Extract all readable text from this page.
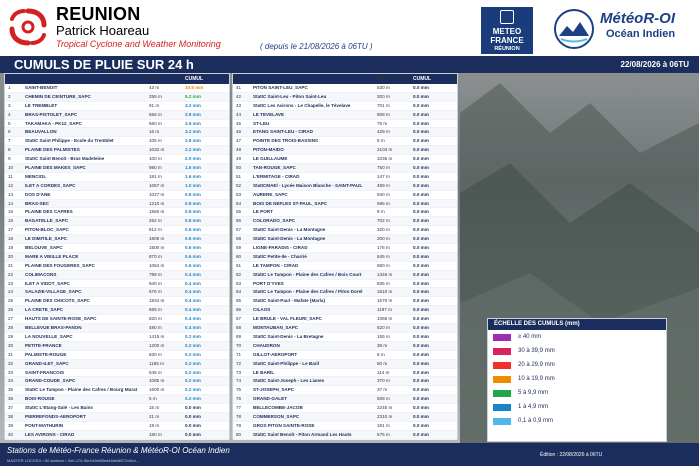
REUNION
Patrick Hoareau
Tropical Cyclone and Weather Monitoring	( depuis le 21/08/2026 à 06TU )
METEO
FRANCE
RÉUNION
MétéoR-OI
Océan Indien
CUMULS DE PLUIE SUR 24 h	22/08/2026 à 06TU
N°	STATION	ALT.	CUMUL
1	SAINT-BENOIT	43 m	10.8 mm
2	CHEMIN DE CEINTURE_SAPC	255 m	5.2 mm
3	LE TREMBLET	91 m	4.2 mm
4	BRAS-PISTOLET_SAPC	556 m	3.8 mm
5	TAKAMAKA - PK12_SAPC	660 m	3.6 mm
6	BEAUVALLON	16 m	3.2 mm
7	StatIC Saint Philippe - Ecole du Tremblet	105 m	2.8 mm
8	PLAINE DES PALMISTES	1032 m	2.2 mm
9	StatIC Saint Benoit - Bras Madeleine	100 m	2.0 mm
10	PLAINE DES MAKES_SAPC	980 m	1.6 mm
11	MENCIOL	181 m	1.6 mm
12	ILET A CORDES_SAPC	1067 m	1.0 mm
13	DOS D'ANE	1027 m	0.8 mm
14	BRAS-SEC	1210 m	0.8 mm
15	PLAINE DES CAFRES	1560 m	0.8 mm
16	BAGATELLE_SAPC	262 m	0.8 mm
17	PITON-BLOC_SAPC	812 m	0.6 mm
18	LE DIMITILE_SAPC	1808 m	0.6 mm
19	BELOUVE_SAPC	1500 m	0.6 mm
20	MARE A VIEILLE PLACE	870 m	0.6 mm
21	PLAINE DES FOUGERES_SAPC	1064 m	0.6 mm
22	COLIMACONS	798 m	0.4 mm
23	ILET A VIDOT_SAPC	940 m	0.4 mm
24	SALAZIE-VILLAGE_SAPC	676 m	0.4 mm
25	PLAINE DES CHICOTS_SAPC	1834 m	0.4 mm
26	LA CRETE_SAPC	659 m	0.4 mm
27	HAUTS DE SAINTE-ROSE_SAPC	820 m	0.4 mm
28	BELLEVUE BRAS-PANON	480 m	0.4 mm
29	LA NOUVELLE_SAPC	1415 m	0.2 mm
30	PETITE-FRANCE	1200 m	0.2 mm
31	PALMISTE-ROUGE	830 m	0.2 mm
32	GRAND-ILET_SAPC	1185 m	0.2 mm
33	SAINT-FRANCOIS	545 m	0.2 mm
34	GRAND-COUDE_SAPC	1085 m	0.2 mm
35	StatIC Le Tampon - Plaine des Cafres / Bourg Murat	1600 m	0.2 mm
36	BOIS-ROUGE	5 m	0.2 mm
37	StatIC L'Etang-Salé - Les Bains	15 m	0.0 mm
38	PIERREFONDS-AEROPORT	21 m	0.0 mm
39	PONT-MATHURIN	19 m	0.0 mm
40	LES AVIRONS - CIRAD	180 m	0.0 mm
N°	STATION	ALT.	CUMUL
41	PITON SAINT-LEU_SAPC	530 m	0.0 mm
42	StatIC Saint-Leu - Piton Saint-Leu	300 m	0.0 mm
43	StatIC Les Avirons - Le Chapelle, le Tévelave	701 m	0.0 mm
44	LE TEVELAVE	908 m	0.0 mm
45	ST-LEU	79 m	0.0 mm
46	ETANG SAINT-LEU - CIRAD	429 m	0.0 mm
47	POINTE DES TROIS-BASSINS	5 m	0.0 mm
48	PITON-MAIDO	2103 m	0.0 mm
49	LE GUILLAUME	1035 m	0.0 mm
50	TAN-ROUGE_SAPC	750 m	0.0 mm
51	L'ERMITAGE - CIRAD	147 m	0.0 mm
52	StatICMAEl - Lycée Maison Blanche - SAINT-PAUL	499 m	0.0 mm
53	AURERE_SAPC	940 m	0.0 mm
54	BOIS DE NEFLES ST-PAUL_SAPC	595 m	0.0 mm
55	LE PORT	9 m	0.0 mm
56	COLORADO_SAPC	702 m	0.0 mm
57	StatIC Saint-Denis - La Montagne	320 m	0.0 mm
58	StatIC Saint-Denis - La Montagne	200 m	0.0 mm
59	LIGNE-PARADIS - CIRAD	178 m	0.0 mm
60	StatIC Petite-Ile - Charrié	645 m	0.0 mm
61	LE TAMPON - CIRAD	860 m	0.0 mm
62	StatIC Le Tampon - Plaine des Cafres / Bois Court	1348 m	0.0 mm
63	PORT D'YVES	835 m	0.0 mm
64	StatIC Le Tampon - Plaine des Cafres / Piton Dorel	1610 m	0.0 mm
65	StatIC Saint-Paul - Mafate (Marla)	1570 m	0.0 mm
66	CILAOS	1197 m	0.0 mm
67	LE BRULE - VAL FLEURI_SAPC	1069 m	0.0 mm
68	MONTAUBAN_SAPC	620 m	0.0 mm
69	StatIC Saint-Denis - La Bretagne	155 m	0.0 mm
70	CHAUDRON	38 m	0.0 mm
71	GILLOT-AEROPORT	8 m	0.0 mm
72	StatIC Saint-Philippe - Le Baril	50 m	0.0 mm
73	LE BARIL	114 m	0.0 mm
74	StatIC Saint-Joseph - Les Lianes	370 m	0.0 mm
75	ST-JOSEPH_SAPC	37 m	0.0 mm
76	GRAND-GALET	508 m	0.0 mm
77	BELLECOMBE-JACOB	2245 m	0.0 mm
78	COMMERSON_SAPC	2310 m	0.0 mm
79	GROS PITON SAINTE-ROSE	181 m	0.0 mm
80	StatIC Saint Benoît - Piton Armand Les Hauts	575 m	0.0 mm
ÉCHELLE DES CUMULS (mm)
≥ 40 mm
30 à 39,9 mm
20 à 29,9 mm
10 à 19,9 mm
5 à 9,9 mm
1 à 4,9 mm
0,1 à 0,9 mm
Stations de Météo-France Réunion & MétéoR-OI Océan Indien
MASTER LOCKED • 80 stations • 0nb-176-f5e4d2e8f8ea48de8f672c8cd...
Édition : 22/08/2026 à 06TU
